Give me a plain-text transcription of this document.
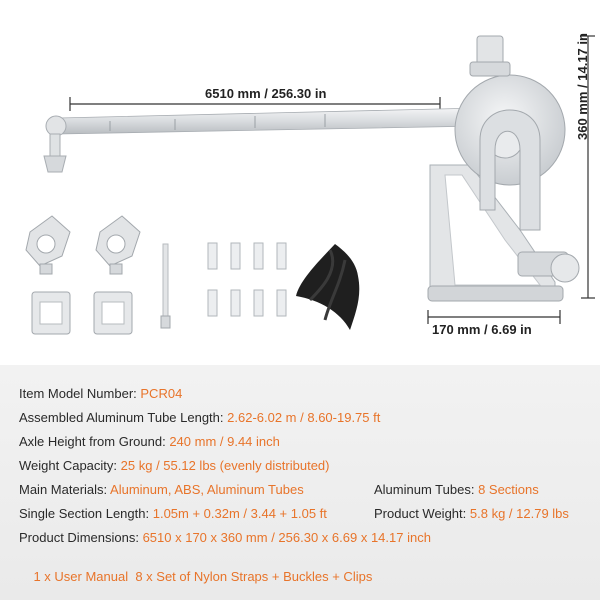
6510 mm / 256.30 in
170 mm / 6.69 in
360 mm / 14.17 in
Item Model Number: PCR04
Assembled Aluminum Tube Length: 2.62-6.02 m / 8.60-19.75 ft
Axle Height from Ground: 240 mm / 9.44 inch
Weight Capacity: 25 kg / 55.12 lbs (evenly distributed)
Main Materials: Aluminum, ABS, Aluminum Tubes	Aluminum Tubes: 8 Sections
Single Section Length: 1.05m + 0.32m / 3.44 + 1.05 ft	Product Weight: 5.8 kg / 12.79 lbs
Product Dimensions: 6510 x 170 x 360 mm / 256.30 x 6.69 x 14.17 inch

1 x User Manual  8 x Set of Nylon Straps + Buckles + Clips
